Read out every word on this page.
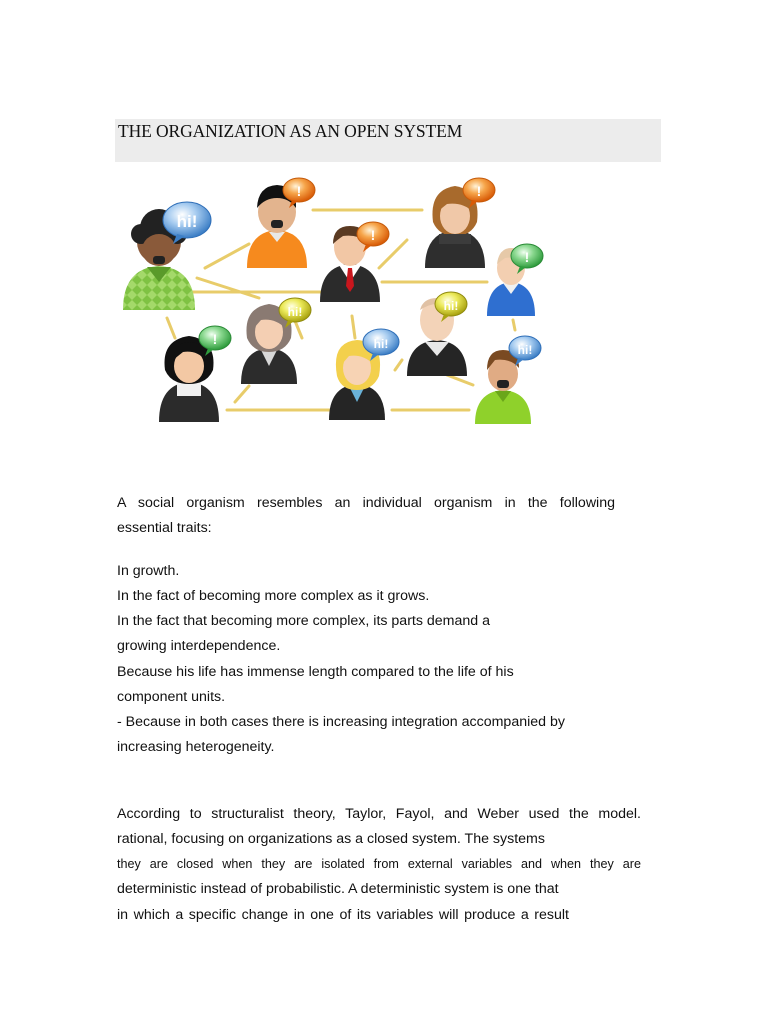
THE ORGANIZATION AS AN OPEN SYSTEM
hi!
!	!
!
!
hi!
!
hi!
hi!	hi!
A social organism resembles an individual organism in the following
essential traits:
In growth.
In the fact of becoming more complex as it grows.
In the fact that becoming more complex, its parts demand a
growing interdependence.
Because his life has immense length compared to the life of his
component units.
- Because in both cases there is increasing integration accompanied by
increasing heterogeneity.
According to structuralist theory, Taylor, Fayol, and Weber used the model.
rational, focusing on organizations as a closed system. The systems
they are closed when they are isolated from external variables and when they are
deterministic instead of probabilistic. A deterministic system is one that
in which a specific change in one of its variables will produce a result
